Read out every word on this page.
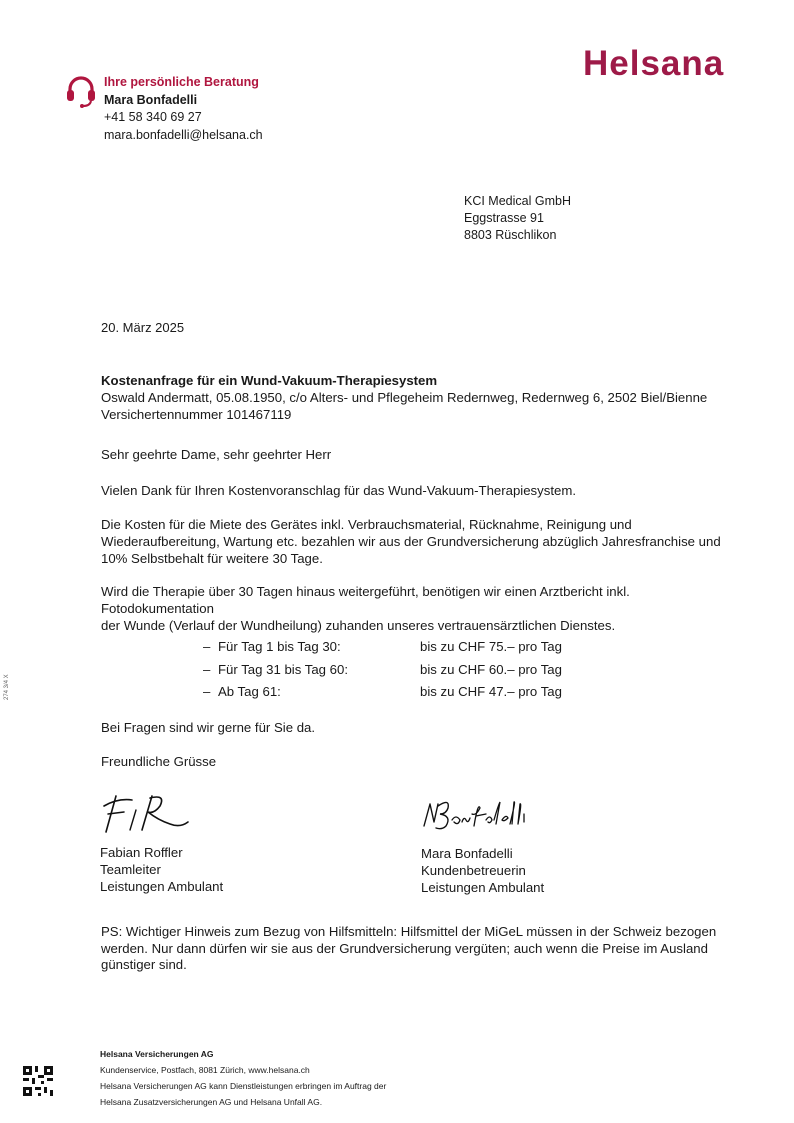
Helsana
Ihre persönliche Beratung
Mara Bonfadelli
+41 58 340 69 27
mara.bonfadelli@helsana.ch
KCI Medical GmbH
Eggstrasse 91
8803 Rüschlikon
20. März 2025
Kostenanfrage für ein Wund-Vakuum-Therapiesystem
Oswald Andermatt, 05.08.1950, c/o Alters- und Pflegeheim Redernweg, Redernweg 6, 2502 Biel/Bienne
Versichertennummer 101467119
Sehr geehrte Dame, sehr geehrter Herr
Vielen Dank für Ihren Kostenvoranschlag für das Wund-Vakuum-Therapiesystem.
Die Kosten für die Miete des Gerätes inkl. Verbrauchsmaterial, Rücknahme, Reinigung und
Wiederaufbereitung, Wartung etc. bezahlen wir aus der Grundversicherung abzüglich Jahresfranchise und
10% Selbstbehalt für weitere 30 Tage.
Wird die Therapie über 30 Tagen hinaus weitergeführt, benötigen wir einen Arztbericht inkl. Fotodokumentation
der Wunde (Verlauf der Wundheilung) zuhanden unseres vertrauensärztlichen Dienstes.
– Für Tag 1 bis Tag 30:	bis zu CHF 75.– pro Tag
– Für Tag 31 bis Tag 60:	bis zu CHF 60.– pro Tag
– Ab Tag 61:	bis zu CHF 47.– pro Tag
Bei Fragen sind wir gerne für Sie da.
Freundliche Grüsse
Fabian Roffler
Teamleiter
Leistungen Ambulant
Mara Bonfadelli
Kundenbetreuerin
Leistungen Ambulant
PS: Wichtiger Hinweis zum Bezug von Hilfsmitteln: Hilfsmittel der MiGeL müssen in der Schweiz bezogen
werden. Nur dann dürfen wir sie aus der Grundversicherung vergüten; auch wenn die Preise im Ausland
günstiger sind.
274 3/4 X
Helsana Versicherungen AG
Kundenservice, Postfach, 8081 Zürich, www.helsana.ch
Helsana Versicherungen AG kann Dienstleistungen erbringen im Auftrag der
Helsana Zusatzversicherungen AG und Helsana Unfall AG.
